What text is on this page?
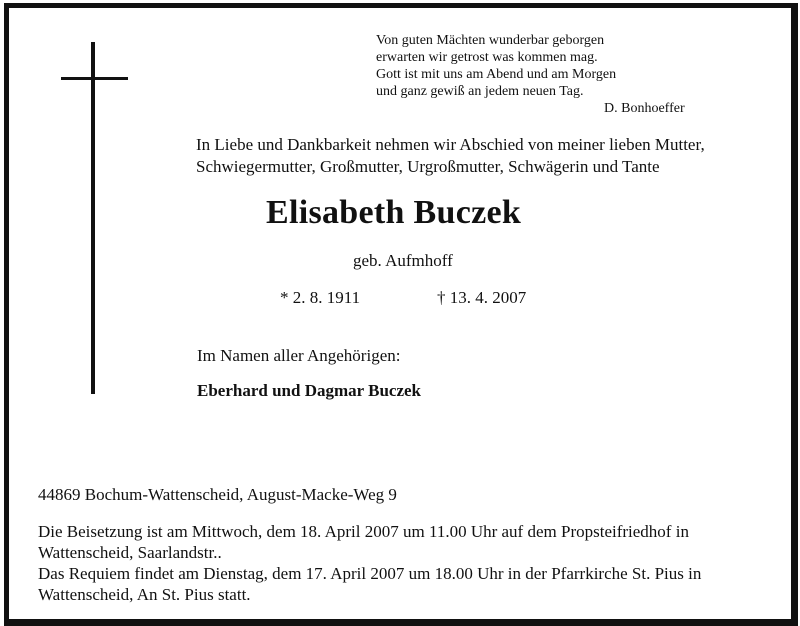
Von guten Mächten wunderbar geborgen
erwarten wir getrost was kommen mag.
Gott ist mit uns am Abend und am Morgen
und ganz gewiß an jedem neuen Tag.
D. Bonhoeffer
In Liebe und Dankbarkeit nehmen wir Abschied von meiner lieben Mutter,
Schwiegermutter, Großmutter, Urgroßmutter, Schwägerin und Tante
Elisabeth Buczek
geb. Aufmhoff
* 2. 8. 1911	† 13. 4. 2007
Im Namen aller Angehörigen:
Eberhard und Dagmar Buczek
44869 Bochum-Wattenscheid, August-Macke-Weg 9
Die Beisetzung ist am Mittwoch, dem 18. April 2007 um 11.00 Uhr auf dem Propsteifriedhof in
Wattenscheid, Saarlandstr..
Das Requiem findet am Dienstag, dem 17. April 2007 um 18.00 Uhr in der Pfarrkirche St. Pius in
Wattenscheid, An St. Pius statt.
